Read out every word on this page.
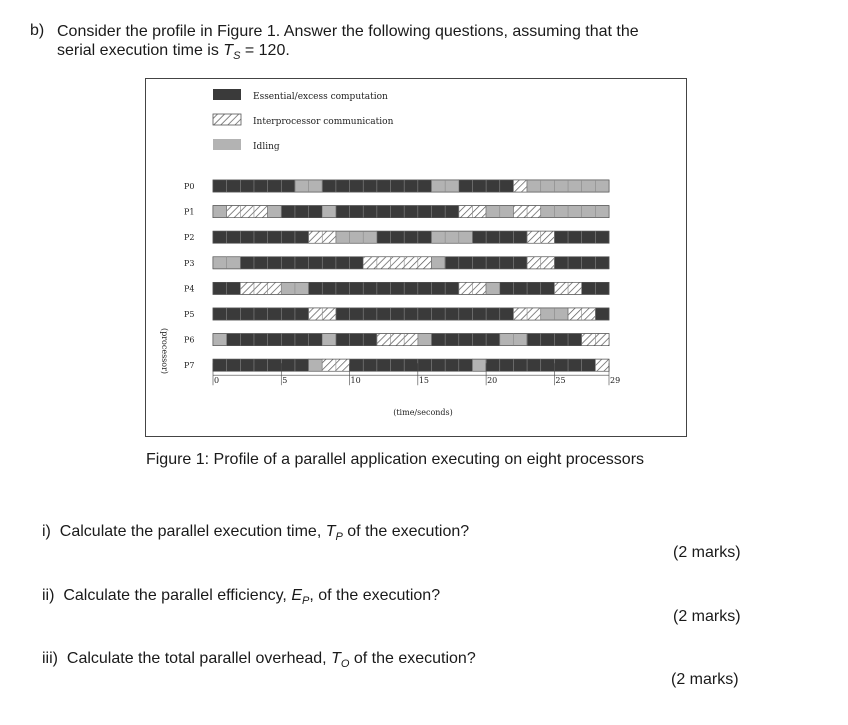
b) Consider the profile in Figure 1. Answer the following questions, assuming that the
serial execution time is $T_S = 120$.
Essential/excess computation
Interprocessor communication
Idling
(processor)
P0
P1
P2
P3
P4
P5
P6
P7
0	5	10	15	20	25	29
(time/seconds)
Figure 1: Profile of a parallel application executing on eight processors
i) Calculate the parallel execution time, $T_P$ of the execution?
(2 marks)
ii) Calculate the parallel efficiency, $E_P$, of the execution?
(2 marks)
iii) Calculate the total parallel overhead, $T_O$ of the execution?
(2 marks)
